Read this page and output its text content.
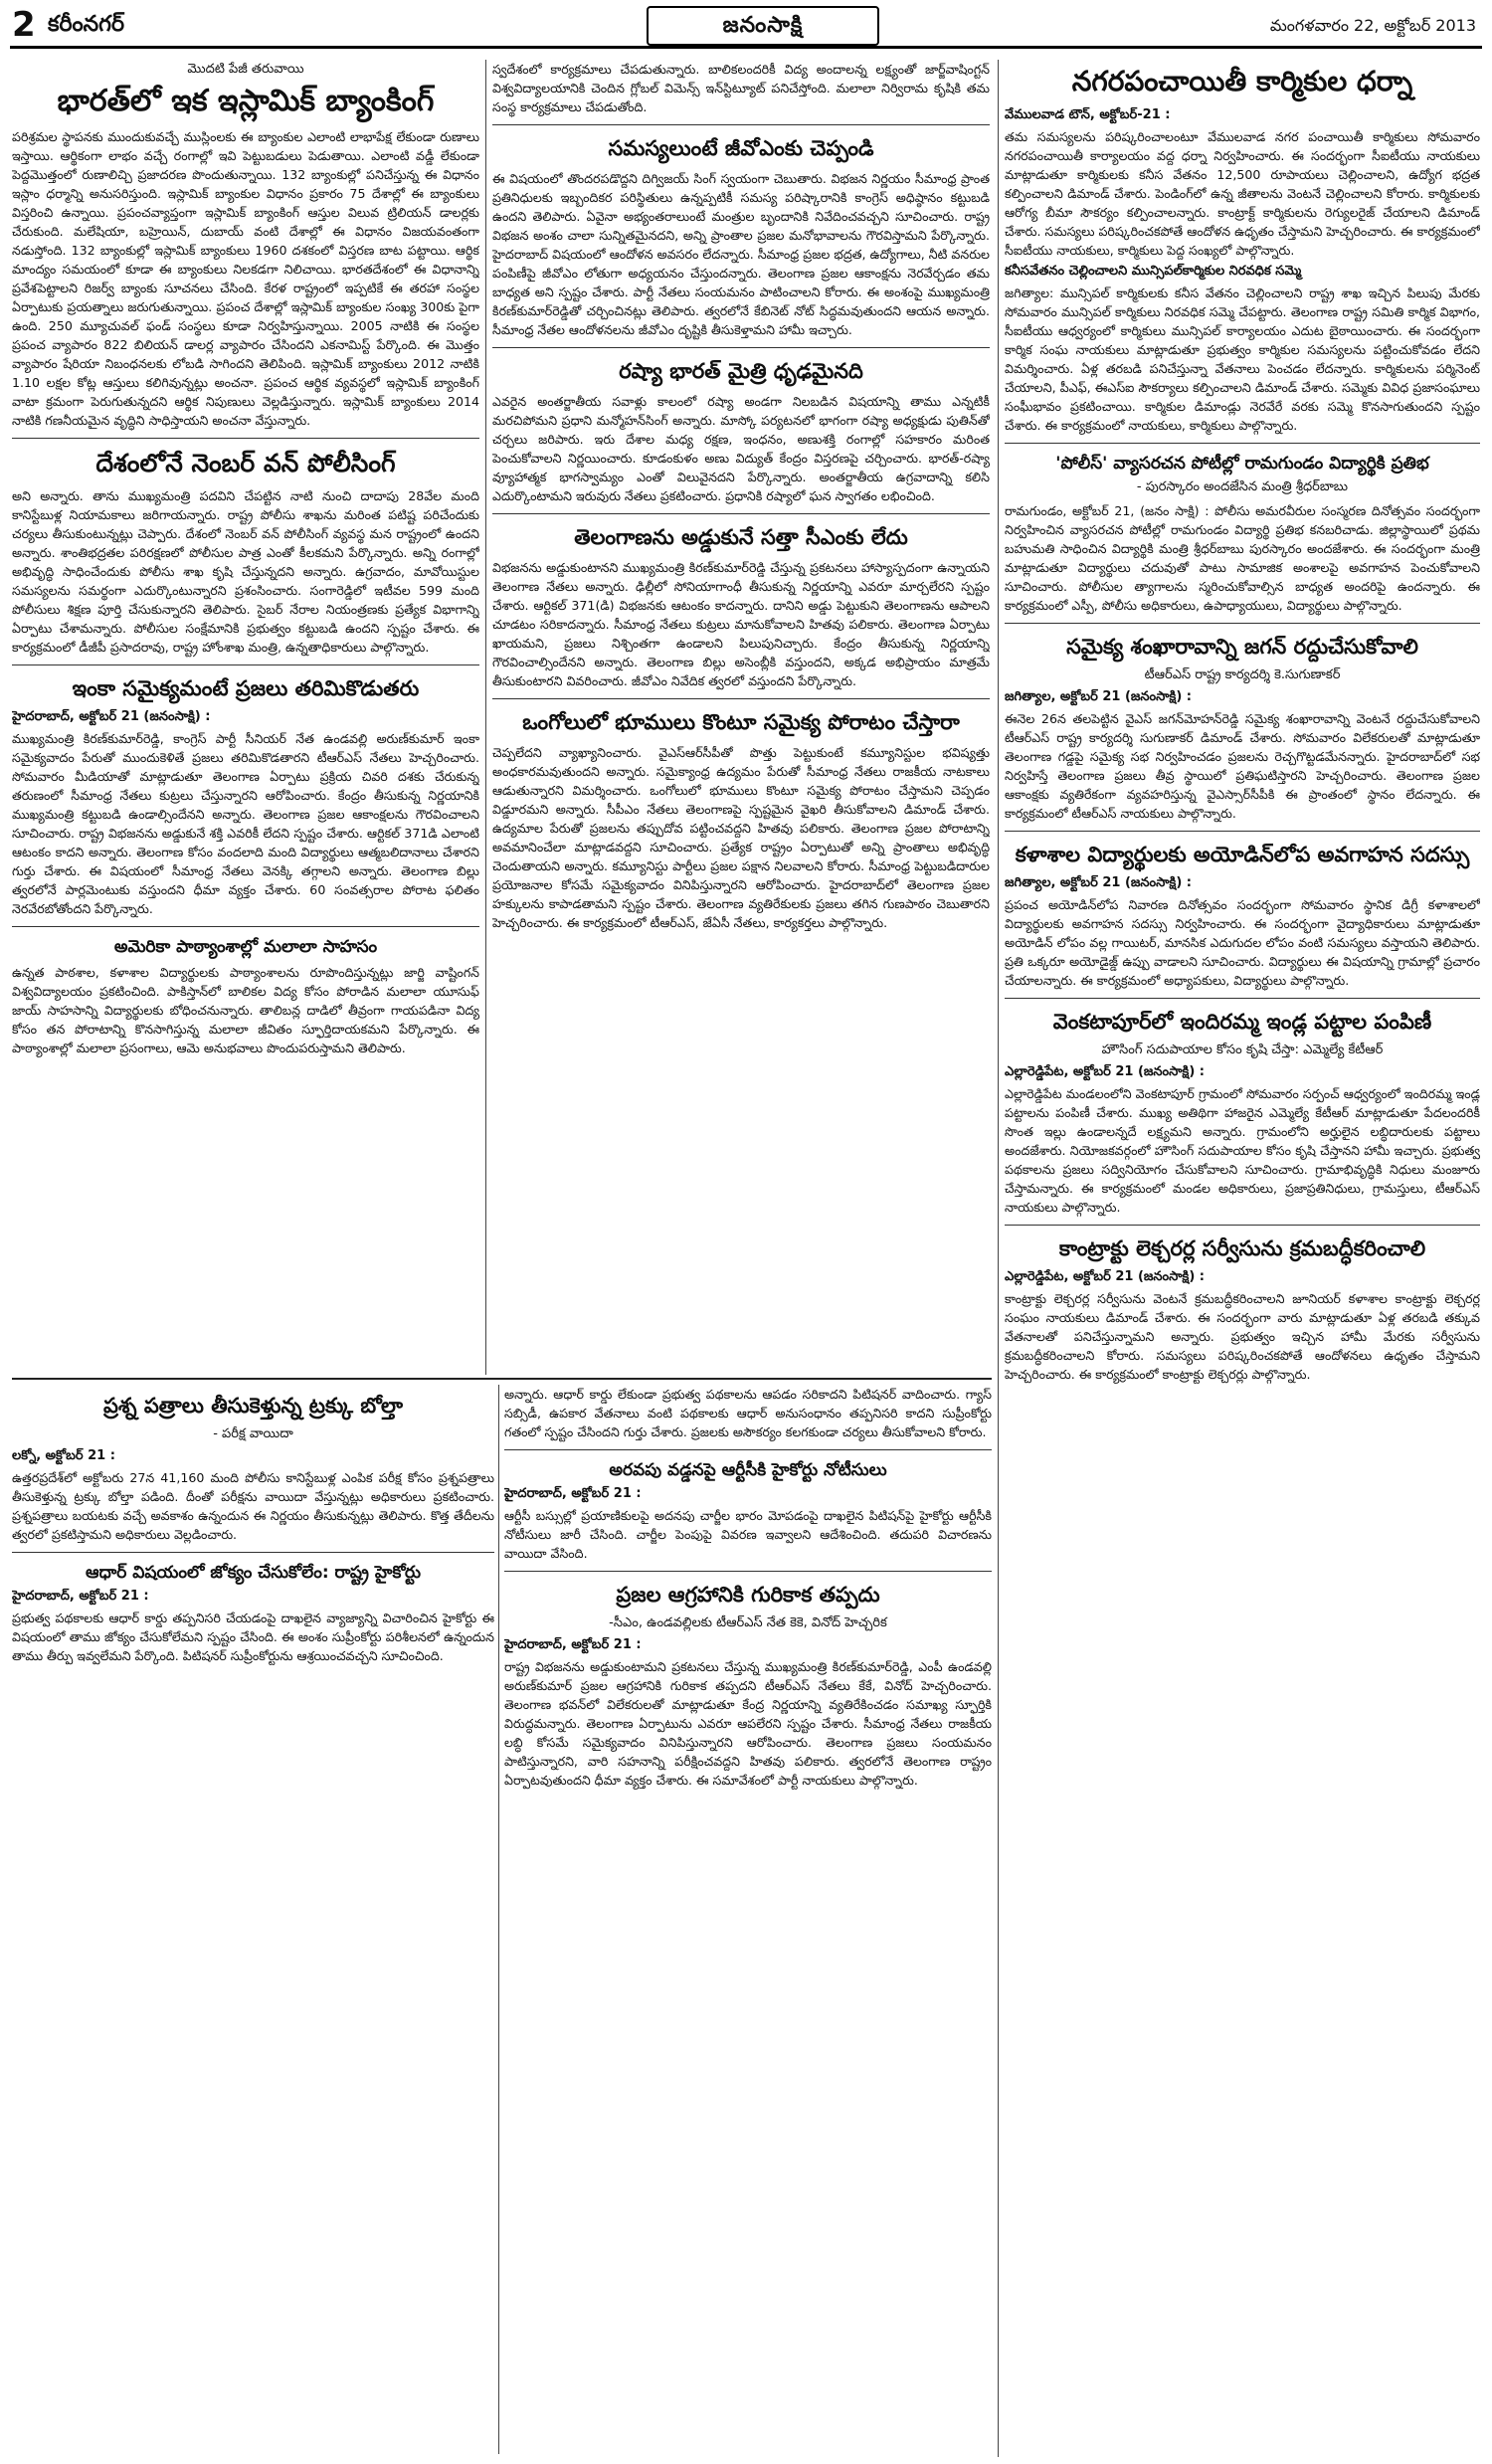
2 కరీంనగర్	జనంసాక్షి	మంగళవారం 22, అక్టోబర్ 2013
మొదటి పేజీ తరువాయి
భారత్‌లో ఇక ఇస్లామిక్ బ్యాంకింగ్

పరిశ్రమల స్థాపనకు ముందుకువచ్చే ముస్లింలకు ఈ బ్యాంకుల ఎలాంటి లాభాపేక్ష లేకుండా రుణాలు ఇస్తాయి. ఆర్థికంగా లాభం వచ్చే రంగాల్లో ఇవి పెట్టుబడులు పెడుతాయి. ఎలాంటి వడ్డీ లేకుండా పెద్దమొత్తంలో రుణాలిచ్చి ప్రజాదరణ పొందుతున్నాయి. 132 బ్యాంకుల్లో పనిచేస్తున్న ఈ విధానం ఇస్లాం ధర్మాన్ని అనుసరిస్తుంది. ఇస్లామిక్ బ్యాంకుల విధానం ప్రకారం 75 దేశాల్లో ఈ బ్యాంకులు విస్తరించి ఉన్నాయి. ప్రపంచవ్యాప్తంగా ఇస్లామిక్ బ్యాంకింగ్ ఆస్తుల విలువ ట్రిలియన్ డాలర్లకు చేరుకుంది. మలేషియా, బహ్రెయిన్, దుబాయ్ వంటి దేశాల్లో ఈ విధానం విజయవంతంగా నడుస్తోంది. 132 బ్యాంకుల్లో ఇస్లామిక్ బ్యాంకులు 1960 దశకంలో విస్తరణ బాట పట్టాయి. ఆర్థిక మాంద్యం సమయంలో కూడా ఈ బ్యాంకులు నిలకడగా నిలిచాయి. భారతదేశంలో ఈ విధానాన్ని ప్రవేశపెట్టాలని రిజర్వ్ బ్యాంకు సూచనలు చేసింది. కేరళ రాష్ట్రంలో ఇప్పటికే ఈ తరహా సంస్థల ఏర్పాటుకు ప్రయత్నాలు జరుగుతున్నాయి. ప్రపంచ దేశాల్లో ఇస్లామిక్ బ్యాంకుల సంఖ్య 300కు పైగా ఉంది. 250 మ్యూచువల్ ఫండ్ సంస్థలు కూడా నిర్వహిస్తున్నాయి. 2005 నాటికి ఈ సంస్థల ప్రపంచ వ్యాపారం 822 బిలియన్ డాలర్ల వ్యాపారం చేసిందని ఎకనామిస్ట్ పేర్కొంది. ఈ మొత్తం వ్యాపారం షేరియా నిబంధనలకు లోబడి సాగిందని తెలిపింది. ఇస్లామిక్ బ్యాంకులు 2012 నాటికి 1.10 లక్షల కోట్ల ఆస్తులు కలిగివున్నట్లు అంచనా. ప్రపంచ ఆర్థిక వ్యవస్థలో ఇస్లామిక్ బ్యాంకింగ్ వాటా క్రమంగా పెరుగుతున్నదని ఆర్థిక నిపుణులు వెల్లడిస్తున్నారు. ఇస్లామిక్ బ్యాంకులు 2014 నాటికి గణనీయమైన వృద్ధిని సాధిస్తాయని అంచనా వేస్తున్నారు.

దేశంలోనే నెంబర్ వన్ పోలీసింగ్

అని అన్నారు. తాను ముఖ్యమంత్రి పదవిని చేపట్టిన నాటి నుంచి దాదాపు 28వేల మంది కానిస్టేబుళ్ల నియామకాలు జరిగాయన్నారు. రాష్ట్ర పోలీసు శాఖను మరింత పటిష్ట పరిచేందుకు చర్యలు తీసుకుంటున్నట్లు చెప్పారు. దేశంలో నెంబర్ వన్ పోలీసింగ్ వ్యవస్థ మన రాష్ట్రంలో ఉందని అన్నారు. శాంతిభద్రతల పరిరక్షణలో పోలీసుల పాత్ర ఎంతో కీలకమని పేర్కొన్నారు. అన్ని రంగాల్లో అభివృద్ధి సాధించేందుకు పోలీసు శాఖ కృషి చేస్తున్నదని అన్నారు. ఉగ్రవాదం, మావోయిస్టుల సమస్యలను సమర్థంగా ఎదుర్కొంటున్నారని ప్రశంసించారు. సంగారెడ్డిలో ఇటీవల 599 మంది పోలీసులు శిక్షణ పూర్తి చేసుకున్నారని తెలిపారు. సైబర్ నేరాల నియంత్రణకు ప్రత్యేక విభాగాన్ని ఏర్పాటు చేశామన్నారు. పోలీసుల సంక్షేమానికి ప్రభుత్వం కట్టుబడి ఉందని స్పష్టం చేశారు. ఈ కార్యక్రమంలో డీజీపీ ప్రసాదరావు, రాష్ట్ర హోంశాఖ మంత్రి, ఉన్నతాధికారులు పాల్గొన్నారు.

ఇంకా సమైక్యమంటే ప్రజలు తరిమికొడుతరు
హైదరాబాద్, అక్టోబర్ 21 (జనంసాక్షి) :

ముఖ్యమంత్రి కిరణ్‌కుమార్‌రెడ్డి, కాంగ్రెస్ పార్టీ సీనియర్ నేత ఉండవల్లి అరుణ్‌కుమార్ ఇంకా సమైక్యవాదం పేరుతో ముందుకెళితే ప్రజలు తరిమికొడతారని టీఆర్ఎస్ నేతలు హెచ్చరించారు. సోమవారం మీడియాతో మాట్లాడుతూ తెలంగాణ ఏర్పాటు ప్రక్రియ చివరి దశకు చేరుకున్న తరుణంలో సీమాంధ్ర నేతలు కుట్రలు చేస్తున్నారని ఆరోపించారు. కేంద్రం తీసుకున్న నిర్ణయానికి ముఖ్యమంత్రి కట్టుబడి ఉండాల్సిందేనని అన్నారు. తెలంగాణ ప్రజల ఆకాంక్షలను గౌరవించాలని సూచించారు. రాష్ట్ర విభజనను అడ్డుకునే శక్తి ఎవరికీ లేదని స్పష్టం చేశారు. ఆర్టికల్ 371డి ఎలాంటి ఆటంకం కాదని అన్నారు. తెలంగాణ కోసం వందలాది మంది విద్యార్థులు ఆత్మబలిదానాలు చేశారని గుర్తు చేశారు. ఈ విషయంలో సీమాంధ్ర నేతలు వెనక్కి తగ్గాలని అన్నారు. తెలంగాణ బిల్లు త్వరలోనే పార్లమెంటుకు వస్తుందని ధీమా వ్యక్తం చేశారు. 60 సంవత్సరాల పోరాట ఫలితం నెరవేరబోతోందని పేర్కొన్నారు.

అమెరికా పాఠ్యాంశాల్లో మలాలా సాహసం

ఉన్నత పాఠశాల, కళాశాల విద్యార్థులకు పాఠ్యాంశాలను రూపొందిస్తున్నట్లు జార్జి వాష్టింగన్ విశ్వవిద్యాలయం ప్రకటించింది. పాకిస్తాన్‌లో బాలికల విద్య కోసం పోరాడిన మలాలా యూసుఫ్ జాయ్ సాహసాన్ని విద్యార్థులకు బోధించనున్నారు. తాలిబన్ల దాడిలో తీవ్రంగా గాయపడినా విద్య కోసం తన పోరాటాన్ని కొనసాగిస్తున్న మలాలా జీవితం స్ఫూర్తిదాయకమని పేర్కొన్నారు. ఈ పాఠ్యాంశాల్లో మలాలా ప్రసంగాలు, ఆమె అనుభవాలు పొందుపరుస్తామని తెలిపారు.

స్వదేశంలో కార్యక్రమాలు చేపడుతున్నారు. బాలికలందరికీ విద్య అందాలన్న లక్ష్యంతో జార్జ్‌వాషింగ్టన్ విశ్వవిద్యాలయానికి చెందిన గ్లోబల్ విమెన్స్ ఇన్‌స్టిట్యూట్ పనిచేస్తోంది. మలాలా నిర్విరామ కృషికి తమ సంస్థ కార్యక్రమాలు చేపడుతోంది.

సమస్యలుంటే జీవోఎంకు చెప్పండి

ఈ విషయంలో తొందరపడొద్దని దిగ్విజయ్ సింగ్ స్వయంగా చెబుతారు. విభజన నిర్ణయం సీమాంధ్ర ప్రాంత ప్రతినిధులకు ఇబ్బందికర పరిస్థితులు ఉన్నప్పటికీ సమస్య పరిష్కారానికి కాంగ్రెస్ అధిష్ఠానం కట్టుబడి ఉందని తెలిపారు. ఏవైనా అభ్యంతరాలుంటే మంత్రుల బృందానికి నివేదించవచ్చని సూచించారు. రాష్ట్ర విభజన అంశం చాలా సున్నితమైనదని, అన్ని ప్రాంతాల ప్రజల మనోభావాలను గౌరవిస్తామని పేర్కొన్నారు. హైదరాబాద్ విషయంలో ఆందోళన అవసరం లేదన్నారు. సీమాంధ్ర ప్రజల భద్రత, ఉద్యోగాలు, నీటి వనరుల పంపిణీపై జీవోఎం లోతుగా అధ్యయనం చేస్తుందన్నారు. తెలంగాణ ప్రజల ఆకాంక్షను నెరవేర్చడం తమ బాధ్యత అని స్పష్టం చేశారు. పార్టీ నేతలు సంయమనం పాటించాలని కోరారు. ఈ అంశంపై ముఖ్యమంత్రి కిరణ్‌కుమార్‌రెడ్డితో చర్చించినట్లు తెలిపారు. త్వరలోనే కేబినెట్ నోట్ సిద్ధమవుతుందని ఆయన అన్నారు. సీమాంధ్ర నేతల ఆందోళనలను జీవోఎం దృష్టికి తీసుకెళ్తామని హామీ ఇచ్చారు.

రష్యా భారత్ మైత్రి ధృఢమైనది

ఎవరైన అంతర్జాతీయ సవాళ్లు కాలంలో రష్యా అండగా నిలబడిన విషయాన్ని తాము ఎన్నటికీ మరచిపోమని ప్రధాని మన్మోహన్‌సింగ్ అన్నారు. మాస్కో పర్యటనలో భాగంగా రష్యా అధ్యక్షుడు పుతిన్‌తో చర్చలు జరిపారు. ఇరు దేశాల మధ్య రక్షణ, ఇంధనం, అణుశక్తి రంగాల్లో సహకారం మరింత పెంచుకోవాలని నిర్ణయించారు. కూడంకుళం అణు విద్యుత్ కేంద్రం విస్తరణపై చర్చించారు. భారత్-రష్యా వ్యూహాత్మక భాగస్వామ్యం ఎంతో విలువైనదని పేర్కొన్నారు. అంతర్జాతీయ ఉగ్రవాదాన్ని కలిసి ఎదుర్కొంటామని ఇరువురు నేతలు ప్రకటించారు. ప్రధానికి రష్యాలో ఘన స్వాగతం లభించింది.

తెలంగాణను అడ్డుకునే సత్తా సీఎంకు లేదు

విభజనను అడ్డుకుంటానని ముఖ్యమంత్రి కిరణ్‌కుమార్‌రెడ్డి చేస్తున్న ప్రకటనలు హాస్యాస్పదంగా ఉన్నాయని తెలంగాణ నేతలు అన్నారు. ఢిల్లీలో సోనియాగాంధీ తీసుకున్న నిర్ణయాన్ని ఎవరూ మార్చలేరని స్పష్టం చేశారు. ఆర్టికల్ 371(డి) విభజనకు ఆటంకం కాదన్నారు. దానిని అడ్డు పెట్టుకుని తెలంగాణను ఆపాలని చూడటం సరికాదన్నారు. సీమాంధ్ర నేతలు కుట్రలు మానుకోవాలని హితవు పలికారు. తెలంగాణ ఏర్పాటు ఖాయమని, ప్రజలు నిశ్చింతగా ఉండాలని పిలుపునిచ్చారు. కేంద్రం తీసుకున్న నిర్ణయాన్ని గౌరవించాల్సిందేనని అన్నారు. తెలంగాణ బిల్లు అసెంబ్లీకి వస్తుందని, అక్కడ అభిప్రాయం మాత్రమే తీసుకుంటారని వివరించారు. జీవోఎం నివేదిక త్వరలో వస్తుందని పేర్కొన్నారు.

ఒంగోలులో భూములు కొంటూ సమైక్య పోరాటం చేస్తారా

చెప్పలేదని వ్యాఖ్యానించారు. వైఎస్ఆర్‌సీపీతో పొత్తు పెట్టుకుంటే కమ్యూనిస్టుల భవిష్యత్తు అంధకారమవుతుందని అన్నారు. సమైక్యాంధ్ర ఉద్యమం పేరుతో సీమాంధ్ర నేతలు రాజకీయ నాటకాలు ఆడుతున్నారని విమర్శించారు. ఒంగోలులో భూములు కొంటూ సమైక్య పోరాటం చేస్తామని చెప్పడం విడ్డూరమని అన్నారు. సీపీఎం నేతలు తెలంగాణపై స్పష్టమైన వైఖరి తీసుకోవాలని డిమాండ్ చేశారు. ఉద్యమాల పేరుతో ప్రజలను తప్పుదోవ పట్టించవద్దని హితవు పలికారు. తెలంగాణ ప్రజల పోరాటాన్ని అవమానించేలా మాట్లాడవద్దని సూచించారు. ప్రత్యేక రాష్ట్రం ఏర్పాటుతో అన్ని ప్రాంతాలు అభివృద్ధి చెందుతాయని అన్నారు. కమ్యూనిస్టు పార్టీలు ప్రజల పక్షాన నిలవాలని కోరారు. సీమాంధ్ర పెట్టుబడిదారుల ప్రయోజనాల కోసమే సమైక్యవాదం వినిపిస్తున్నారని ఆరోపించారు. హైదరాబాద్‌లో తెలంగాణ ప్రజల హక్కులను కాపాడతామని స్పష్టం చేశారు. తెలంగాణ వ్యతిరేకులకు ప్రజలు తగిన గుణపాఠం చెబుతారని హెచ్చరించారు. ఈ కార్యక్రమంలో టీఆర్ఎస్, జేఏసీ నేతలు, కార్యకర్తలు పాల్గొన్నారు.

నగరపంచాయితీ కార్మికుల ధర్నా
వేములవాడ టౌన్, అక్టోబర్-21 :

తమ సమస్యలను పరిష్కరించాలంటూ వేములవాడ నగర పంచాయితీ కార్మికులు సోమవారం నగరపంచాయితీ కార్యాలయం వద్ద ధర్నా నిర్వహించారు. ఈ సందర్భంగా సీఐటీయు నాయకులు మాట్లాడుతూ కార్మికులకు కనీస వేతనం 12,500 రూపాయలు చెల్లించాలని, ఉద్యోగ భద్రత కల్పించాలని డిమాండ్ చేశారు. పెండింగ్‌లో ఉన్న జీతాలను వెంటనే చెల్లించాలని కోరారు. కార్మికులకు ఆరోగ్య బీమా సౌకర్యం కల్పించాలన్నారు. కాంట్రాక్ట్ కార్మికులను రెగ్యులరైజ్ చేయాలని డిమాండ్ చేశారు. సమస్యలు పరిష్కరించకపోతే ఆందోళన ఉధృతం చేస్తామని హెచ్చరించారు. ఈ కార్యక్రమంలో సీఐటీయు నాయకులు, కార్మికులు పెద్ద సంఖ్యలో పాల్గొన్నారు.

కనీసవేతనం చెల్లించాలని మున్సిపల్‌కార్మికుల నిరవధిక సమ్మె

జగిత్యాల: మున్సిపల్ కార్మికులకు కనీస వేతనం చెల్లించాలని రాష్ట్ర శాఖ ఇచ్చిన పిలుపు మేరకు సోమవారం మున్సిపల్ కార్మికులు నిరవధిక సమ్మె చేపట్టారు. తెలంగాణ రాష్ట్ర సమితి కార్మిక విభాగం, సీఐటీయు ఆధ్వర్యంలో కార్మికులు మున్సిపల్ కార్యాలయం ఎదుట బైఠాయించారు. ఈ సందర్భంగా కార్మిక సంఘ నాయకులు మాట్లాడుతూ ప్రభుత్వం కార్మికుల సమస్యలను పట్టించుకోవడం లేదని విమర్శించారు. ఏళ్ల తరబడి పనిచేస్తున్నా వేతనాలు పెంచడం లేదన్నారు. కార్మికులను పర్మినెంట్ చేయాలని, పీఎఫ్, ఈఎస్ఐ సౌకర్యాలు కల్పించాలని డిమాండ్ చేశారు. సమ్మెకు వివిధ ప్రజాసంఘాలు సంఘీభావం ప్రకటించాయి. కార్మికుల డిమాండ్లు నెరవేరే వరకు సమ్మె కొనసాగుతుందని స్పష్టం చేశారు. ఈ కార్యక్రమంలో నాయకులు, కార్మికులు పాల్గొన్నారు.

'పోలీస్' వ్యాసరచన పోటీల్లో రామగుండం విద్యార్థికి ప్రతిభ
- పురస్కారం అందజేసిన మంత్రి శ్రీధర్‌బాబు

రామగుండం, అక్టోబర్ 21, (జనం సాక్షి) : పోలీసు అమరవీరుల సంస్మరణ దినోత్సవం సందర్భంగా నిర్వహించిన వ్యాసరచన పోటీల్లో రామగుండం విద్యార్థి ప్రతిభ కనబరిచాడు. జిల్లాస్థాయిలో ప్రథమ బహుమతి సాధించిన విద్యార్థికి మంత్రి శ్రీధర్‌బాబు పురస్కారం అందజేశారు. ఈ సందర్భంగా మంత్రి మాట్లాడుతూ విద్యార్థులు చదువుతో పాటు సామాజిక అంశాలపై అవగాహన పెంచుకోవాలని సూచించారు. పోలీసుల త్యాగాలను స్మరించుకోవాల్సిన బాధ్యత అందరిపై ఉందన్నారు. ఈ కార్యక్రమంలో ఎస్పీ, పోలీసు అధికారులు, ఉపాధ్యాయులు, విద్యార్థులు పాల్గొన్నారు.

సమైక్య శంఖారావాన్ని జగన్ రద్దుచేసుకోవాలి
టీఆర్ఎస్ రాష్ట్ర కార్యదర్శి కె.సుగుణాకర్
జగిత్యాల, అక్టోబర్ 21 (జనంసాక్షి) :

ఈనెల 26న తలపెట్టిన వైఎస్ జగన్‌మోహన్‌రెడ్డి సమైక్య శంఖారావాన్ని వెంటనే రద్దుచేసుకోవాలని టీఆర్ఎస్ రాష్ట్ర కార్యదర్శి సుగుణాకర్ డిమాండ్ చేశారు. సోమవారం విలేకరులతో మాట్లాడుతూ తెలంగాణ గడ్డపై సమైక్య సభ నిర్వహించడం ప్రజలను రెచ్చగొట్టడమేనన్నారు. హైదరాబాద్‌లో సభ నిర్వహిస్తే తెలంగాణ ప్రజలు తీవ్ర స్థాయిలో ప్రతిఘటిస్తారని హెచ్చరించారు. తెలంగాణ ప్రజల ఆకాంక్షకు వ్యతిరేకంగా వ్యవహరిస్తున్న వైఎస్సార్‌సీపీకి ఈ ప్రాంతంలో స్థానం లేదన్నారు. ఈ కార్యక్రమంలో టీఆర్ఎస్ నాయకులు పాల్గొన్నారు.

కళాశాల విద్యార్థులకు అయోడిన్‌లోప అవగాహన సదస్సు
జగిత్యాల, అక్టోబర్ 21 (జనంసాక్షి) :

ప్రపంచ అయోడిన్‌లోప నివారణ దినోత్సవం సందర్భంగా సోమవారం స్థానిక డిగ్రీ కళాశాలలో విద్యార్థులకు అవగాహన సదస్సు నిర్వహించారు. ఈ సందర్భంగా వైద్యాధికారులు మాట్లాడుతూ అయోడిన్ లోపం వల్ల గాయిటర్, మానసిక ఎదుగుదల లోపం వంటి సమస్యలు వస్తాయని తెలిపారు. ప్రతి ఒక్కరూ అయోడైజ్డ్ ఉప్పు వాడాలని సూచించారు. విద్యార్థులు ఈ విషయాన్ని గ్రామాల్లో ప్రచారం చేయాలన్నారు. ఈ కార్యక్రమంలో అధ్యాపకులు, విద్యార్థులు పాల్గొన్నారు.

వెంకటాపూర్‌లో ఇందిరమ్మ ఇండ్ల పట్టాల పంపిణీ
హౌసింగ్ సదుపాయాల కోసం కృషి చేస్తా: ఎమ్మెల్యే కేటీఆర్
ఎల్లారెడ్డిపేట, అక్టోబర్ 21 (జనంసాక్షి) :

ఎల్లారెడ్డిపేట మండలంలోని వెంకటాపూర్ గ్రామంలో సోమవారం సర్పంచ్ ఆధ్వర్యంలో ఇందిరమ్మ ఇండ్ల పట్టాలను పంపిణీ చేశారు. ముఖ్య అతిథిగా హాజరైన ఎమ్మెల్యే కేటీఆర్ మాట్లాడుతూ పేదలందరికీ సొంత ఇల్లు ఉండాలన్నదే లక్ష్యమని అన్నారు. గ్రామంలోని అర్హులైన లబ్ధిదారులకు పట్టాలు అందజేశారు. నియోజకవర్గంలో హౌసింగ్ సదుపాయాల కోసం కృషి చేస్తానని హామీ ఇచ్చారు. ప్రభుత్వ పథకాలను ప్రజలు సద్వినియోగం చేసుకోవాలని సూచించారు. గ్రామాభివృద్ధికి నిధులు మంజూరు చేస్తామన్నారు. ఈ కార్యక్రమంలో మండల అధికారులు, ప్రజాప్రతినిధులు, గ్రామస్తులు, టీఆర్ఎస్ నాయకులు పాల్గొన్నారు.

కాంట్రాక్టు లెక్చరర్ల సర్వీసును క్రమబద్ధీకరించాలి
ఎల్లారెడ్డిపేట, అక్టోబర్ 21 (జనంసాక్షి) :

కాంట్రాక్టు లెక్చరర్ల సర్వీసును వెంటనే క్రమబద్ధీకరించాలని జూనియర్ కళాశాల కాంట్రాక్టు లెక్చరర్ల సంఘం నాయకులు డిమాండ్ చేశారు. ఈ సందర్భంగా వారు మాట్లాడుతూ ఏళ్ల తరబడి తక్కువ వేతనాలతో పనిచేస్తున్నామని అన్నారు. ప్రభుత్వం ఇచ్చిన హామీ మేరకు సర్వీసును క్రమబద్ధీకరించాలని కోరారు. సమస్యలు పరిష్కరించకపోతే ఆందోళనలు ఉధృతం చేస్తామని హెచ్చరించారు. ఈ కార్యక్రమంలో కాంట్రాక్టు లెక్చరర్లు పాల్గొన్నారు.

ప్రశ్న పత్రాలు తీసుకెళ్తున్న ట్రక్కు బోల్తా
- పరీక్ష వాయిదా
లక్నో, అక్టోబర్ 21 :

ఉత్తరప్రదేశ్‌లో అక్టోబరు 27న 41,160 మంది పోలీసు కానిస్టేబుళ్ల ఎంపిక పరీక్ష కోసం ప్రశ్నపత్రాలు తీసుకెళ్తున్న ట్రక్కు బోల్తా పడింది. దీంతో పరీక్షను వాయిదా వేస్తున్నట్లు అధికారులు ప్రకటించారు. ప్రశ్నపత్రాలు బయటకు వచ్చే అవకాశం ఉన్నందున ఈ నిర్ణయం తీసుకున్నట్లు తెలిపారు. కొత్త తేదీలను త్వరలో ప్రకటిస్తామని అధికారులు వెల్లడించారు.

ఆధార్ విషయంలో జోక్యం చేసుకోలేం: రాష్ట్ర హైకోర్టు
హైదరాబాద్, అక్టోబర్ 21 :

ప్రభుత్వ పథకాలకు ఆధార్ కార్డు తప్పనిసరి చేయడంపై దాఖలైన వ్యాజ్యాన్ని విచారించిన హైకోర్టు ఈ విషయంలో తాము జోక్యం చేసుకోలేమని స్పష్టం చేసింది. ఈ అంశం సుప్రీంకోర్టు పరిశీలనలో ఉన్నందున తాము తీర్పు ఇవ్వలేమని పేర్కొంది. పిటిషనర్ సుప్రీంకోర్టును ఆశ్రయించవచ్చని సూచించింది.

అన్నారు. ఆధార్ కార్డు లేకుండా ప్రభుత్వ పథకాలను ఆపడం సరికాదని పిటిషనర్ వాదించారు. గ్యాస్ సబ్సిడీ, ఉపకార వేతనాలు వంటి పథకాలకు ఆధార్ అనుసంధానం తప్పనిసరి కాదని సుప్రీంకోర్టు గతంలో స్పష్టం చేసిందని గుర్తు చేశారు. ప్రజలకు అసౌకర్యం కలగకుండా చర్యలు తీసుకోవాలని కోరారు.

అరవపు వడ్డనపై ఆర్టీసీకి హైకోర్టు నోటీసులు
హైదరాబాద్, అక్టోబర్ 21 :

ఆర్టీసీ బస్సుల్లో ప్రయాణికులపై అదనపు చార్జీల భారం మోపడంపై దాఖలైన పిటిషన్‌పై హైకోర్టు ఆర్టీసీకి నోటీసులు జారీ చేసింది. చార్జీల పెంపుపై వివరణ ఇవ్వాలని ఆదేశించింది. తదుపరి విచారణను వాయిదా వేసింది.

ప్రజల ఆగ్రహానికి గురికాక తప్పదు
-సీఎం, ఉండవల్లిలకు టీఆర్ఎస్ నేత కెకె, వినోద్ హెచ్చరిక
హైదరాబాద్, అక్టోబర్ 21 :

రాష్ట్ర విభజనను అడ్డుకుంటామని ప్రకటనలు చేస్తున్న ముఖ్యమంత్రి కిరణ్‌కుమార్‌రెడ్డి, ఎంపీ ఉండవల్లి అరుణ్‌కుమార్ ప్రజల ఆగ్రహానికి గురికాక తప్పదని టీఆర్ఎస్ నేతలు కేకే, వినోద్ హెచ్చరించారు. తెలంగాణ భవన్‌లో విలేకరులతో మాట్లాడుతూ కేంద్ర నిర్ణయాన్ని వ్యతిరేకించడం సమాఖ్య స్ఫూర్తికి విరుద్ధమన్నారు. తెలంగాణ ఏర్పాటును ఎవరూ ఆపలేరని స్పష్టం చేశారు. సీమాంధ్ర నేతలు రాజకీయ లబ్ధి కోసమే సమైక్యవాదం వినిపిస్తున్నారని ఆరోపించారు. తెలంగాణ ప్రజలు సంయమనం పాటిస్తున్నారని, వారి సహనాన్ని పరీక్షించవద్దని హితవు పలికారు. త్వరలోనే తెలంగాణ రాష్ట్రం ఏర్పాటవుతుందని ధీమా వ్యక్తం చేశారు. ఈ సమావేశంలో పార్టీ నాయకులు పాల్గొన్నారు.
